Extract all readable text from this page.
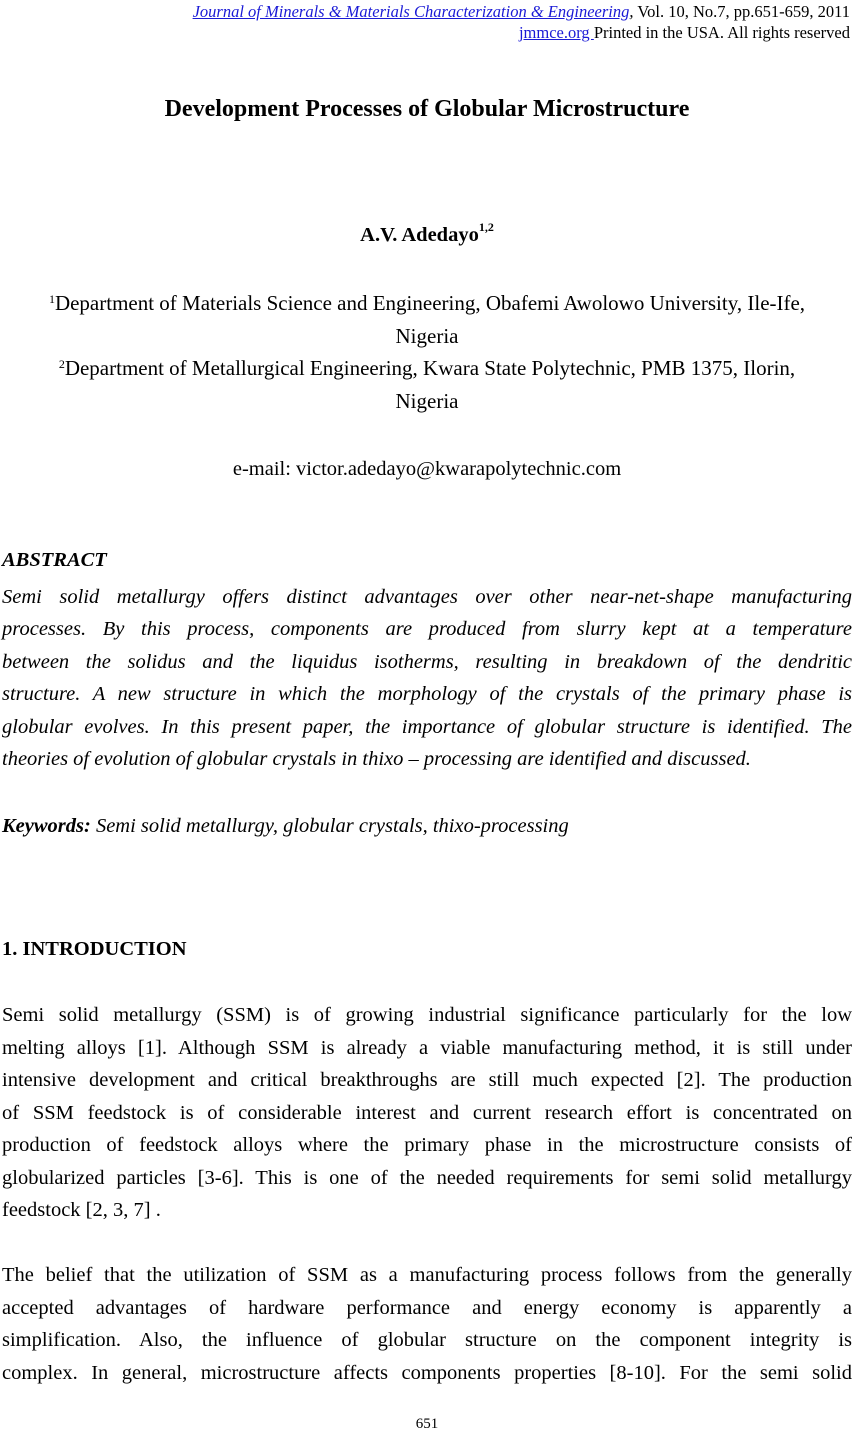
Journal of Minerals & Materials Characterization & Engineering, Vol. 10, No.7, pp.651-659, 2011
jmmce.org Printed in the USA. All rights reserved
Development Processes of Globular Microstructure
A.V. Adedayo$^{1,2}$
$^1$Department of Materials Science and Engineering, Obafemi Awolowo University, Ile-Ife,
Nigeria
$^2$Department of Metallurgical Engineering, Kwara State Polytechnic, PMB 1375, Ilorin,
Nigeria
e-mail: victor.adedayo@kwarapolytechnic.com
ABSTRACT
Semi solid metallurgy offers distinct advantages over other near-net-shape manufacturing
processes. By this process, components are produced from slurry kept at a temperature
between the solidus and the liquidus isotherms, resulting in breakdown of the dendritic
structure. A new structure in which the morphology of the crystals of the primary phase is
globular evolves. In this present paper, the importance of globular structure is identified. The
theories of evolution of globular crystals in thixo – processing are identified and discussed.
Keywords: Semi solid metallurgy, globular crystals, thixo-processing
1. INTRODUCTION
Semi solid metallurgy (SSM) is of growing industrial significance particularly for the low
melting alloys [1]. Although SSM is already a viable manufacturing method, it is still under
intensive development and critical breakthroughs are still much expected [2]. The production
of SSM feedstock is of considerable interest and current research effort is concentrated on
production of feedstock alloys where the primary phase in the microstructure consists of
globularized particles [3-6]. This is one of the needed requirements for semi solid metallurgy
feedstock [2, 3, 7] .
The belief that the utilization of SSM as a manufacturing process follows from the generally
accepted advantages of hardware performance and energy economy is apparently a
simplification. Also, the influence of globular structure on the component integrity is
complex. In general, microstructure affects components properties [8-10]. For the semi solid
651
